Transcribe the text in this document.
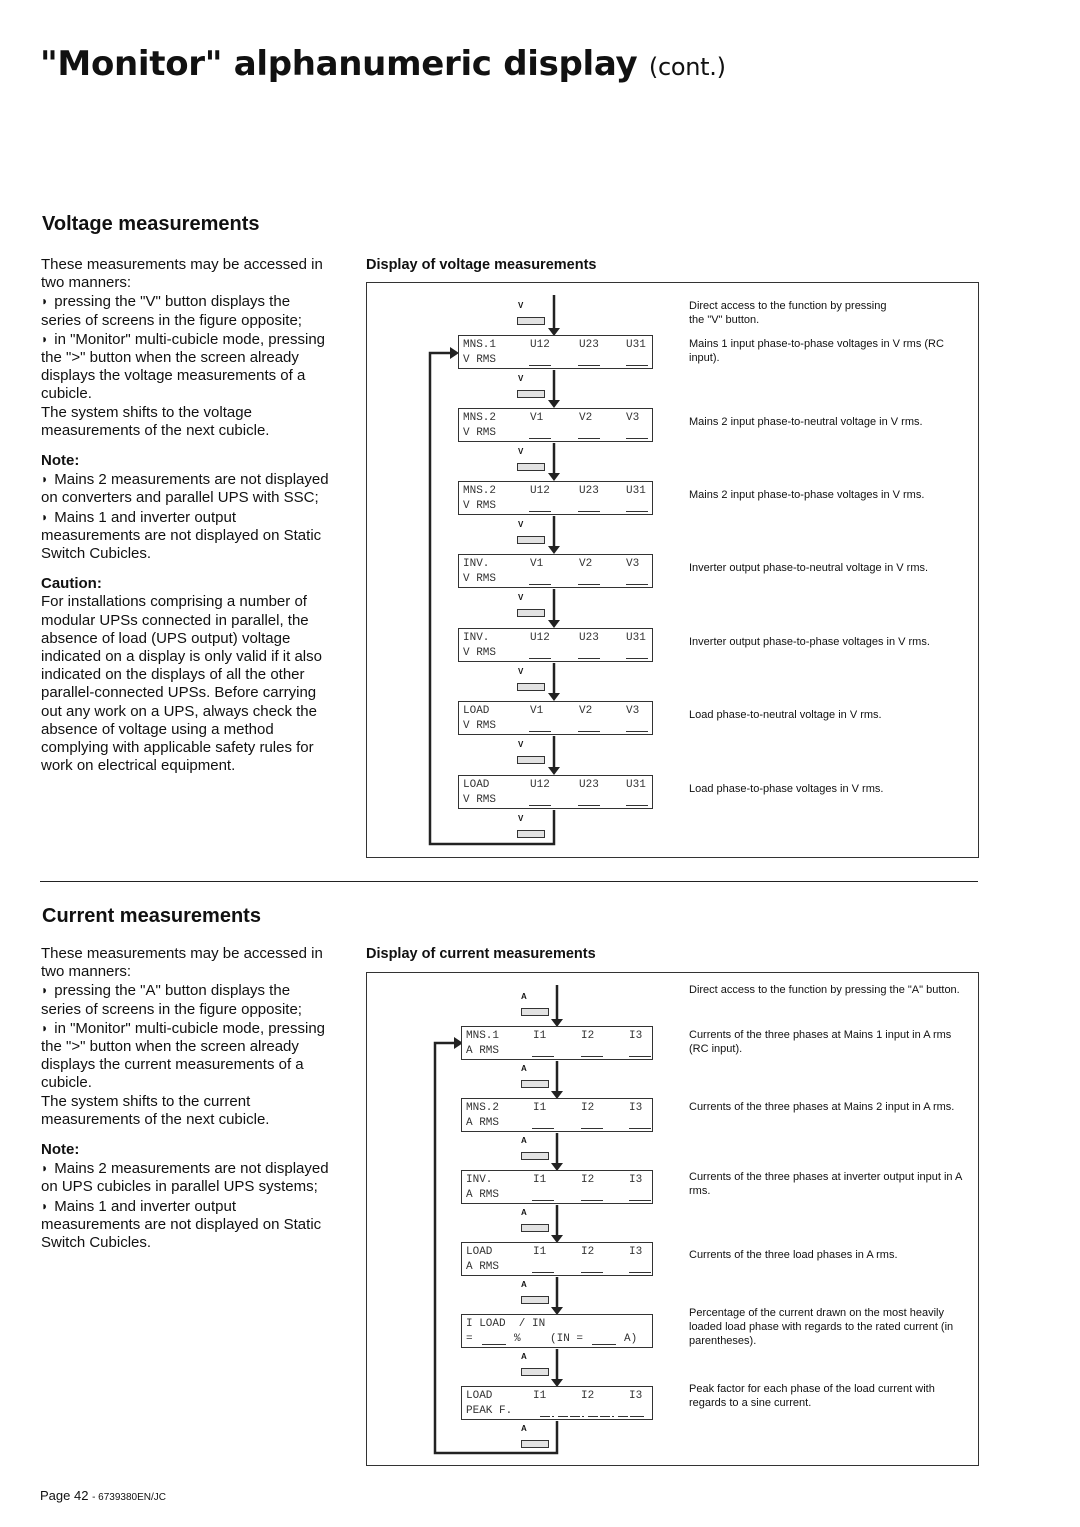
"Monitor" alphanumeric display (cont.)
Voltage measurements

These measurements may be accessed in two manners:

◗ pressing the "V" button displays the series of screens in the figure opposite;

◗ in "Monitor" multi-cubicle mode, pressing the ">" button when the screen already displays the voltage measurements of a cubicle.

The system shifts to the voltage measurements of the next cubicle.

Note:

◗ Mains 2 measurements are not displayed on converters and parallel UPS with SSC;

◗ Mains 1 and inverter output measurements are not displayed on Static Switch Cubicles.

Caution:

For installations comprising a number of modular UPSs connected in parallel, the absence of load (UPS output) voltage indicated on a display is only valid if it also indicated on the displays of all the other parallel-connected UPSs. Before carrying out any work on a UPS, always check the absence of voltage using a method complying with applicable safety rules for work on electrical equipment.

Display of voltage measurements
V
V
V
V
V
V
V
V
MNS.1	U12	U23 U31
V RMS
MNS.2	V1	V2	V3
V RMS
MNS.2	U12	U23 U31
V RMS
INV.	V1	V2	V3
V RMS
INV.	U12	U23 U31
V RMS
LOAD	V1	V2	V3
V RMS
LOAD	U12	U23 U31
V RMS
Direct access to the function by pressing the "V" button.
Mains 1 input phase-to-phase voltages in V rms (RC input).
Mains 2 input phase-to-neutral voltage in V rms.
Mains 2 input phase-to-phase voltages in V rms.
Inverter output phase-to-neutral voltage in V rms.
Inverter output phase-to-phase voltages in V rms.
Load phase-to-neutral voltage in V rms.
Load phase-to-phase voltages in V rms.
Current measurements

These measurements may be accessed in two manners:

◗ pressing the "A" button displays the series of screens in the figure opposite;

◗ in "Monitor" multi-cubicle mode, pressing the ">" button when the screen already displays the current measurements of a cubicle.

The system shifts to the current measurements of the next cubicle.

Note:

◗ Mains 2 measurements are not displayed on UPS cubicles in parallel UPS systems;

◗ Mains 1 and inverter output measurements are not displayed on Static Switch Cubicles.

Display of current measurements
A
A
A
A
A
A
A
MNS.1	I1	I2	I3
A RMS
MNS.2	I1	I2	I3
A RMS
INV.	I1	I2	I3
A RMS
LOAD	I1	I2	I3
A RMS
I LOAD  / IN
=	%	(IN =	A)
LOAD	I1	I2	I3
PEAK F.
Direct access to the function by pressing the "A" button.
Currents of the three phases at Mains 1 input in A rms (RC input).
Currents of the three phases at Mains 2 input in A rms.
Currents of the three phases at inverter output input in A rms.
Currents of the three load phases in A rms.
Percentage of the current drawn on the most heavily loaded load phase with regards to the rated current (in parentheses).
Peak factor for each phase of the load current with regards to a sine current.
Page 42 - 6739380EN/JC
